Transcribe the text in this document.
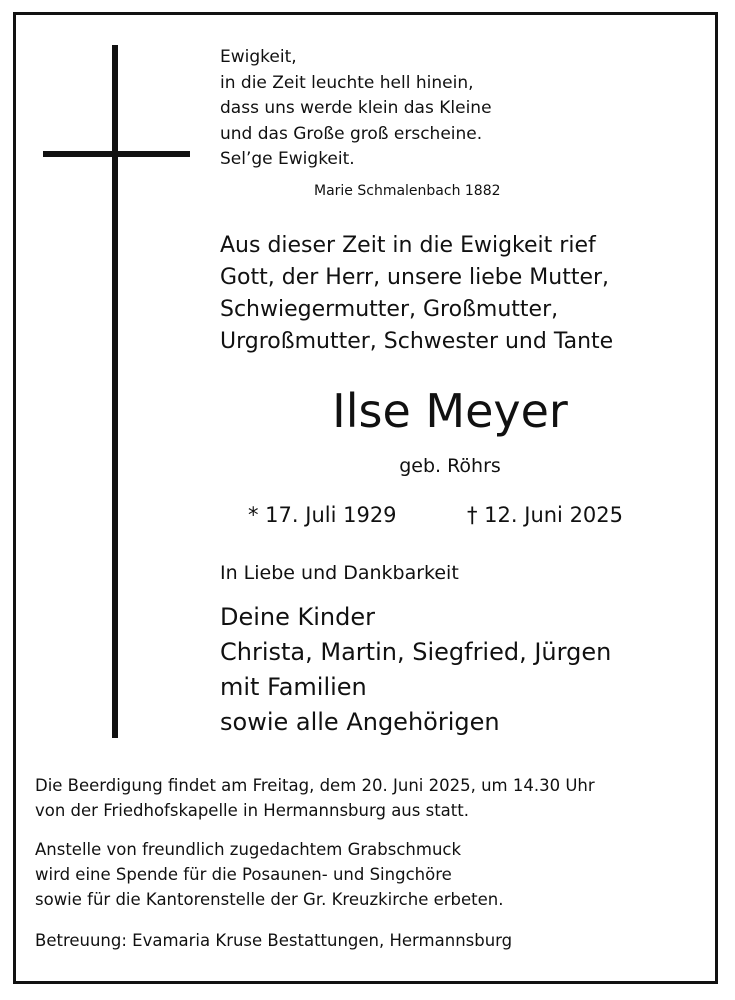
Ewigkeit,
in die Zeit leuchte hell hinein,
dass uns werde klein das Kleine
und das Große groß erscheine.
Sel’ge Ewigkeit.
Marie Schmalenbach 1882
Aus dieser Zeit in die Ewigkeit rief
Gott, der Herr, unsere liebe Mutter,
Schwiegermutter, Großmutter,
Urgroßmutter, Schwester und Tante
Ilse Meyer
geb. Röhrs
* 17. Juli 1929	† 12. Juni 2025
In Liebe und Dankbarkeit
Deine Kinder
Christa, Martin, Siegfried, Jürgen
mit Familien
sowie alle Angehörigen
Die Beerdigung findet am Freitag, dem 20. Juni 2025, um 14.30 Uhr
von der Friedhofskapelle in Hermannsburg aus statt.
Anstelle von freundlich zugedachtem Grabschmuck
wird eine Spende für die Posaunen- und Singchöre
sowie für die Kantorenstelle der Gr. Kreuzkirche erbeten.
Betreuung: Evamaria Kruse Bestattungen, Hermannsburg
